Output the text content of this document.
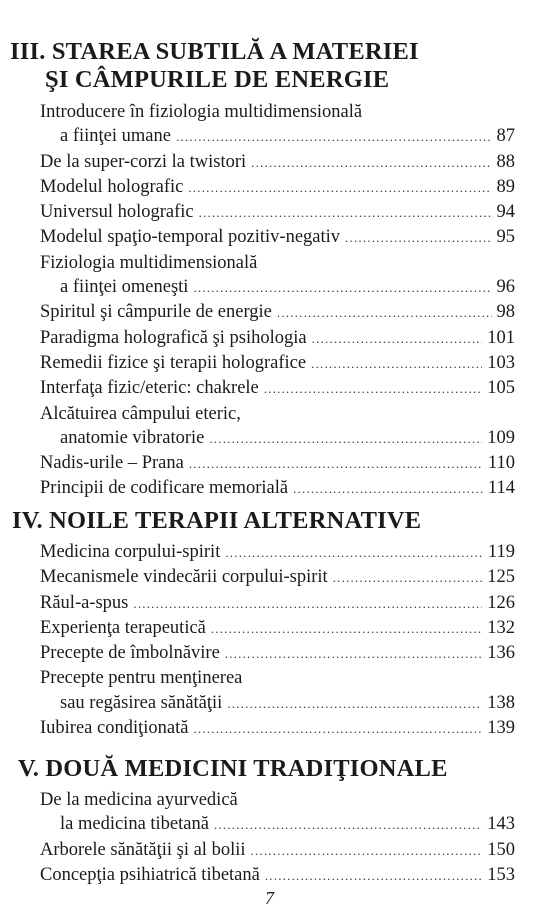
III. STAREA SUBTILĂ A MATERIEI
ŞI CÂMPURILE DE ENERGIE
Introducere în fiziologia multidimensională
a fiinţei umane .....	87
De la super-corzi la twistori .....	88
Modelul holografic .....	89
Universul holografic .....	94
Modelul spaţio-temporal pozitiv-negativ .....	95
Fiziologia multidimensională
a fiinţei omeneşti .....	96
Spiritul şi câmpurile de energie .....	98
Paradigma holografică şi psihologia .....	101
Remedii fizice şi terapii holografice .....	103
Interfaţa fizic/eteric: chakrele .....	105
Alcătuirea câmpului eteric,
anatomie vibratorie .....	109
Nadis-urile – Prana .....	110
Principii de codificare memorială .....	114
IV. NOILE TERAPII ALTERNATIVE
Medicina corpului-spirit .....	119
Mecanismele vindecării corpului-spirit .....	125
Răul-a-spus .....	126
Experienţa terapeutică .....	132
Precepte de îmbolnăvire .....	136
Precepte pentru menţinerea
sau regăsirea sănătăţii .....	138
Iubirea condiţionată .....	139
V. DOUĂ MEDICINI TRADIŢIONALE
De la medicina ayurvedică
la medicina tibetană .....	143
Arborele sănătăţii şi al bolii .....	150
Concepţia psihiatrică tibetană .....	153
7
